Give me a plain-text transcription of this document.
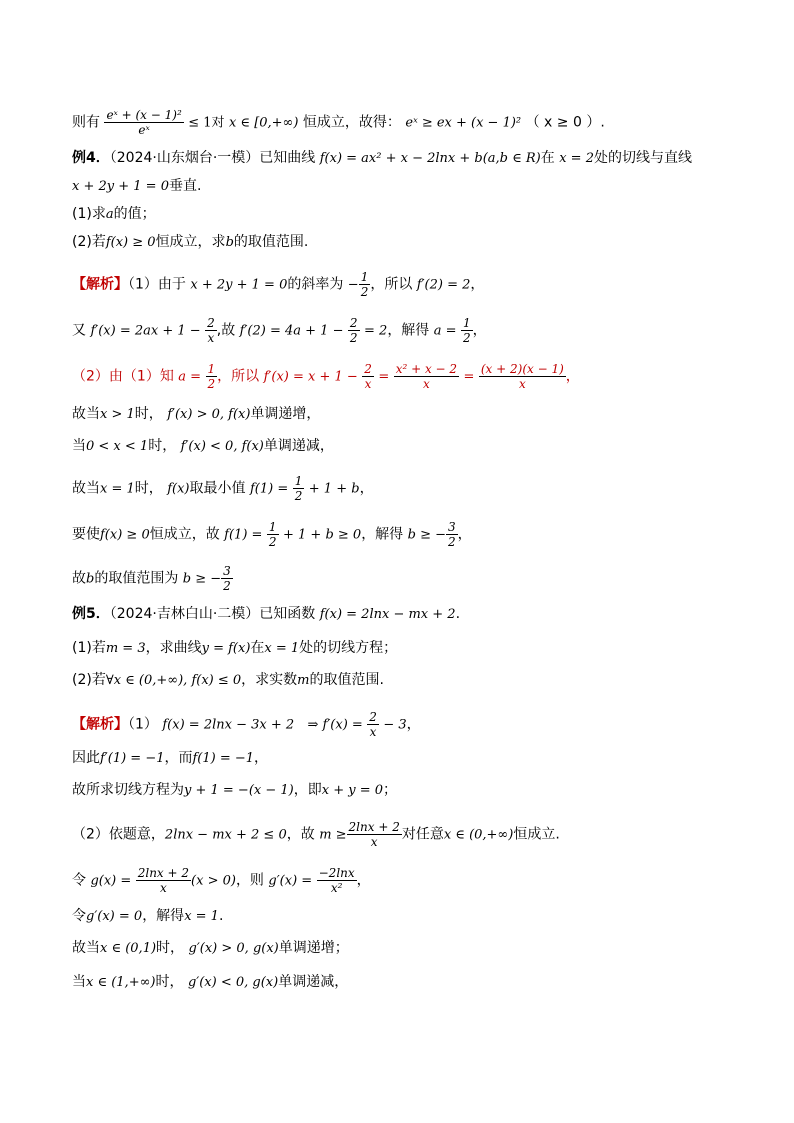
则有 $\frac{\text{eˣ + (x − 1)²}}{\text{eˣ}} \le 1$对 x ∈ [0,+∞) 恒成立，故得： eˣ ≥ ex + (x − 1)² （ x ≥ 0 ）.
例4．（2024·山东烟台·一模）已知曲线 f(x) = ax² + x − 2lnx + b(a,b ∈ R)在 x = 2处的切线与直线
x + 2y + 1 = 0垂直.
(1)求a的值；
(2)若f(x) ≥ 0恒成立，求b的取值范围.
【解析】（1）由于 x + 2y + 1 = 0的斜率为 − $\frac{1}{2}$ ，所以 f′(2) = 2，
又 $f'(x) = 2ax + 1 - \frac{2}{x}$ ,故 $f'(2) = 4a + 1 - \frac{2}{2} = 2$，解得 $a = \frac{1}{2}$ ，
（2）由（1）知 $a = \frac{1}{2}$ ，所以 $f'(x) = x + 1 - \frac{2}{x} = \frac{\text{x² + x − 2}}{x} = \frac{(x + 2)(x - 1)}{x}$ ，
故当x > 1时， f′(x) > 0, f(x)单调递增，
当0 < x < 1时， f′(x) < 0, f(x)单调递减，
故当x = 1时， f(x)取最小值 $f(1) = \frac{1}{2} + 1 + b$，
要使f(x) ≥ 0恒成立，故 $f(1) = \frac{1}{2} + 1 + b \ge 0$，解得 b ≥ − $\frac{3}{2}$ ，
故b的取值范围为 b ≥ − $\frac{3}{2}$
例5．（2024·吉林白山·二模）已知函数 f(x) = 2lnx − mx + 2.
(1)若m = 3，求曲线y = f(x)在x = 1处的切线方程；
(2)若∀x ∈ (0,+∞), f(x) ≤ 0，求实数m的取值范围.
【解析】（1） f(x) = 2lnx − 3x + 2 ⇒ $f'(x) = \frac{2}{x} - 3$，
因此f′(1) = −1，而f(1) = −1，
故所求切线方程为y + 1 = −(x − 1)，即x + y = 0；
（2）依题意，2lnx − mx + 2 ≤ 0，故 $m \ge \frac{2\ln x + 2}{x}$ 对任意x ∈ (0,+∞)恒成立.
令 $g(x) = \frac{2\ln x + 2}{x} (x > 0)$，则 $g'(x) = \frac{-2\ln x}{\text{x²}}$ ，
令g′(x) = 0，解得x = 1.
故当x ∈ (0,1)时， g′(x) > 0, g(x)单调递增；
当x ∈ (1,+∞)时， g′(x) < 0, g(x)单调递减，
